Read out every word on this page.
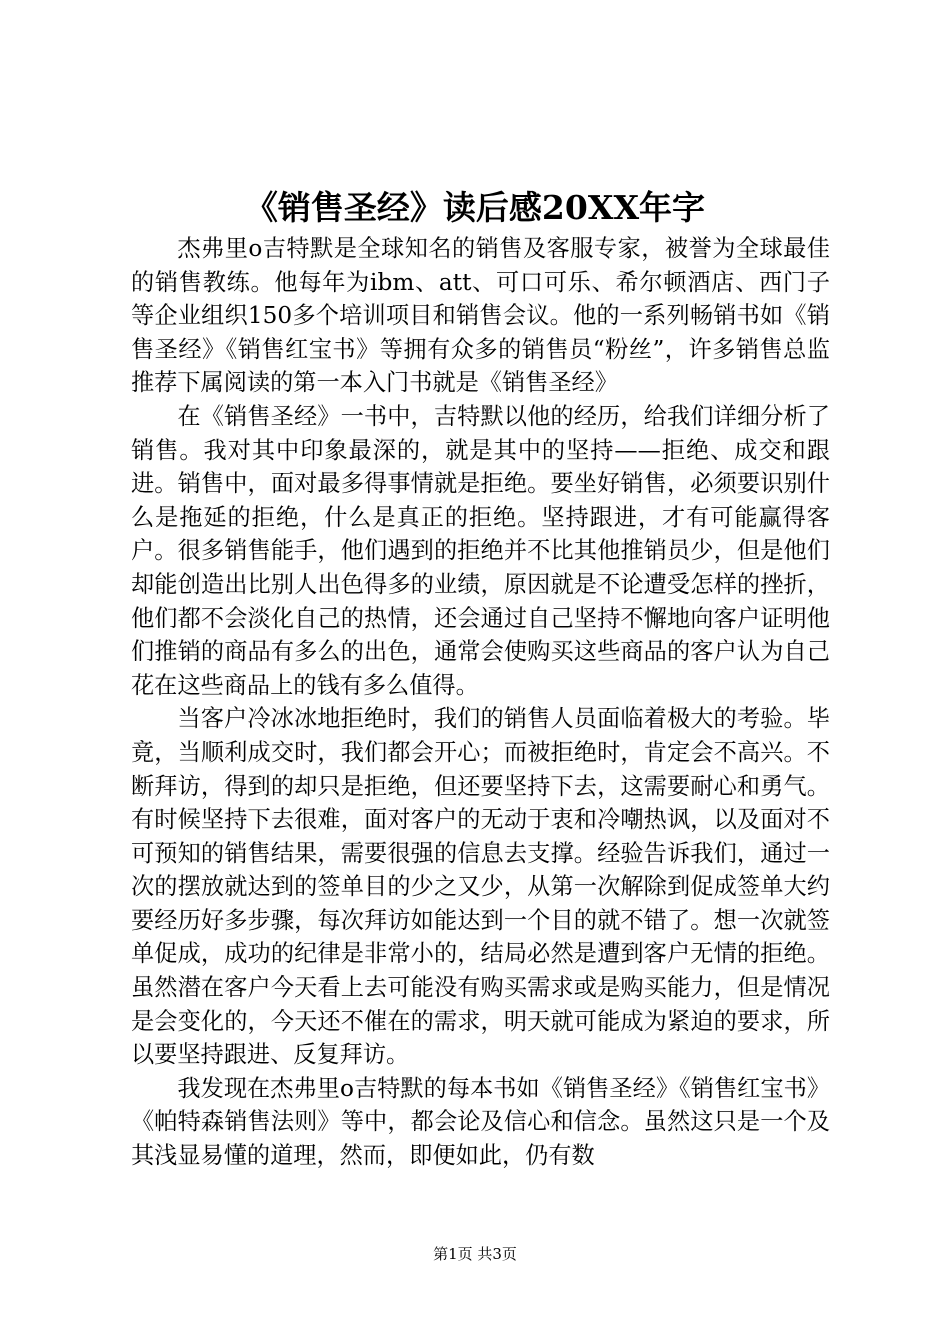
《销售圣经》读后感20XX年字

杰弗里o吉特默是全球知名的销售及客服专家，被誉为全球最佳的销售教练。他每年为ibm、att、可口可乐、希尔顿酒店、西门子等企业组织150多个培训项目和销售会议。他的一系列畅销书如《销售圣经》《销售红宝书》等拥有众多的销售员“粉丝”，许多销售总监推荐下属阅读的第一本入门书就是《销售圣经》

在《销售圣经》一书中，吉特默以他的经历，给我们详细分析了销售。我对其中印象最深的，就是其中的坚持——拒绝、成交和跟进。销售中，面对最多得事情就是拒绝。要坐好销售，必须要识别什么是拖延的拒绝，什么是真正的拒绝。坚持跟进，才有可能赢得客户。很多销售能手，他们遇到的拒绝并不比其他推销员少，但是他们却能创造出比别人出色得多的业绩，原因就是不论遭受怎样的挫折，他们都不会淡化自己的热情，还会通过自己坚持不懈地向客户证明他们推销的商品有多么的出色，通常会使购买这些商品的客户认为自己花在这些商品上的钱有多么值得。

当客户冷冰冰地拒绝时，我们的销售人员面临着极大的考验。毕竟，当顺利成交时，我们都会开心；而被拒绝时，肯定会不高兴。不断拜访，得到的却只是拒绝，但还要坚持下去，这需要耐心和勇气。有时候坚持下去很难，面对客户的无动于衷和冷嘲热讽，以及面对不可预知的销售结果，需要很强的信息去支撑。经验告诉我们，通过一次的摆放就达到的签单目的少之又少，从第一次解除到促成签单大约要经历好多步骤，每次拜访如能达到一个目的就不错了。想一次就签单促成，成功的纪律是非常小的，结局必然是遭到客户无情的拒绝。虽然潜在客户今天看上去可能没有购买需求或是购买能力，但是情况是会变化的，今天还不催在的需求，明天就可能成为紧迫的要求，所以要坚持跟进、反复拜访。

我发现在杰弗里o吉特默的每本书如《销售圣经》《销售红宝书》《帕特森销售法则》等中，都会论及信心和信念。虽然这只是一个及其浅显易懂的道理，然而，即便如此，仍有数

第1页 共3页
